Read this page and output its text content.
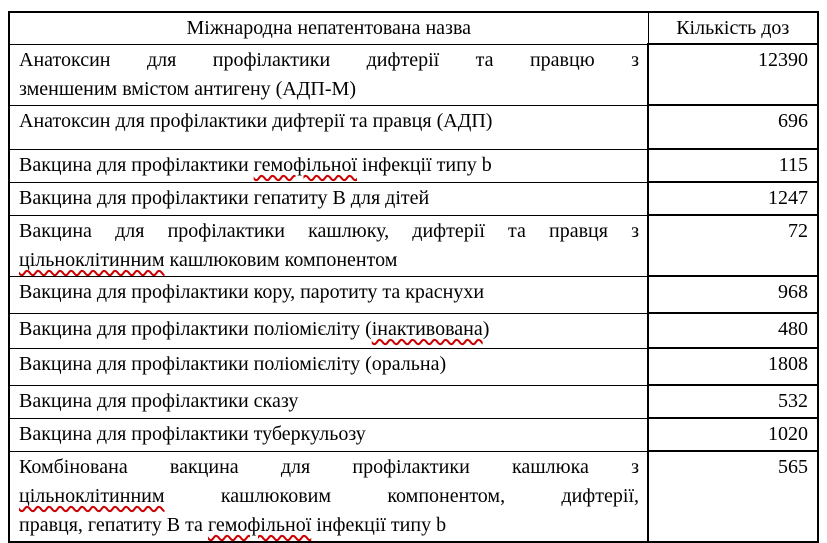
Міжнародна непатентована назва	Кількість доз

Анатоксин для профілактики дифтерії та правцю з
зменшеним вмістом антигену (АДП-М)	12390
Анатоксин для профілактики дифтерії та правця (АДП)	696
Вакцина для профілактики гемофільної інфекції типу b	115
Вакцина для профілактики гепатиту В для дітей	1247

Вакцина для профілактики кашлюку, дифтерії та правця з
цільноклітинним кашлюковим компонентом	72
Вакцина для профілактики кору, паротиту та краснухи	968
Вакцина для профілактики поліомієліту (інактивована)	480
Вакцина для профілактики поліомієліту (оральна)	1808
Вакцина для профілактики сказу	532
Вакцина для профілактики туберкульозу	1020

Комбінована вакцина для профілактики кашлюка з
цільноклітинним кашлюковим компонентом, дифтерії,
правця, гепатиту В та гемофільної інфекції типу b	565
